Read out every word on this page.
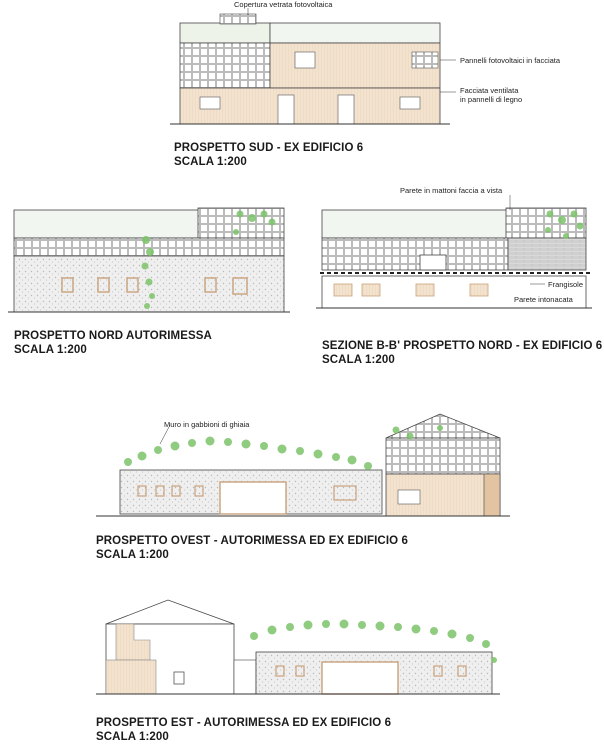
Copertura vetrata fotovoltaica
Pannelli fotovoltaici in facciata
Facciata ventilata
in pannelli di legno
PROSPETTO SUD - EX EDIFICIO 6
SCALA 1:200
PROSPETTO NORD AUTORIMESSA
SCALA 1:200
Parete in mattoni faccia a vista
Frangisole
Parete intonacata
SEZIONE B-B' PROSPETTO NORD - EX EDIFICIO 6
SCALA 1:200
Muro in gabbioni di ghiaia
PROSPETTO OVEST - AUTORIMESSA ED EX EDIFICIO 6
SCALA 1:200
PROSPETTO EST - AUTORIMESSA ED EX EDIFICIO 6
SCALA 1:200
